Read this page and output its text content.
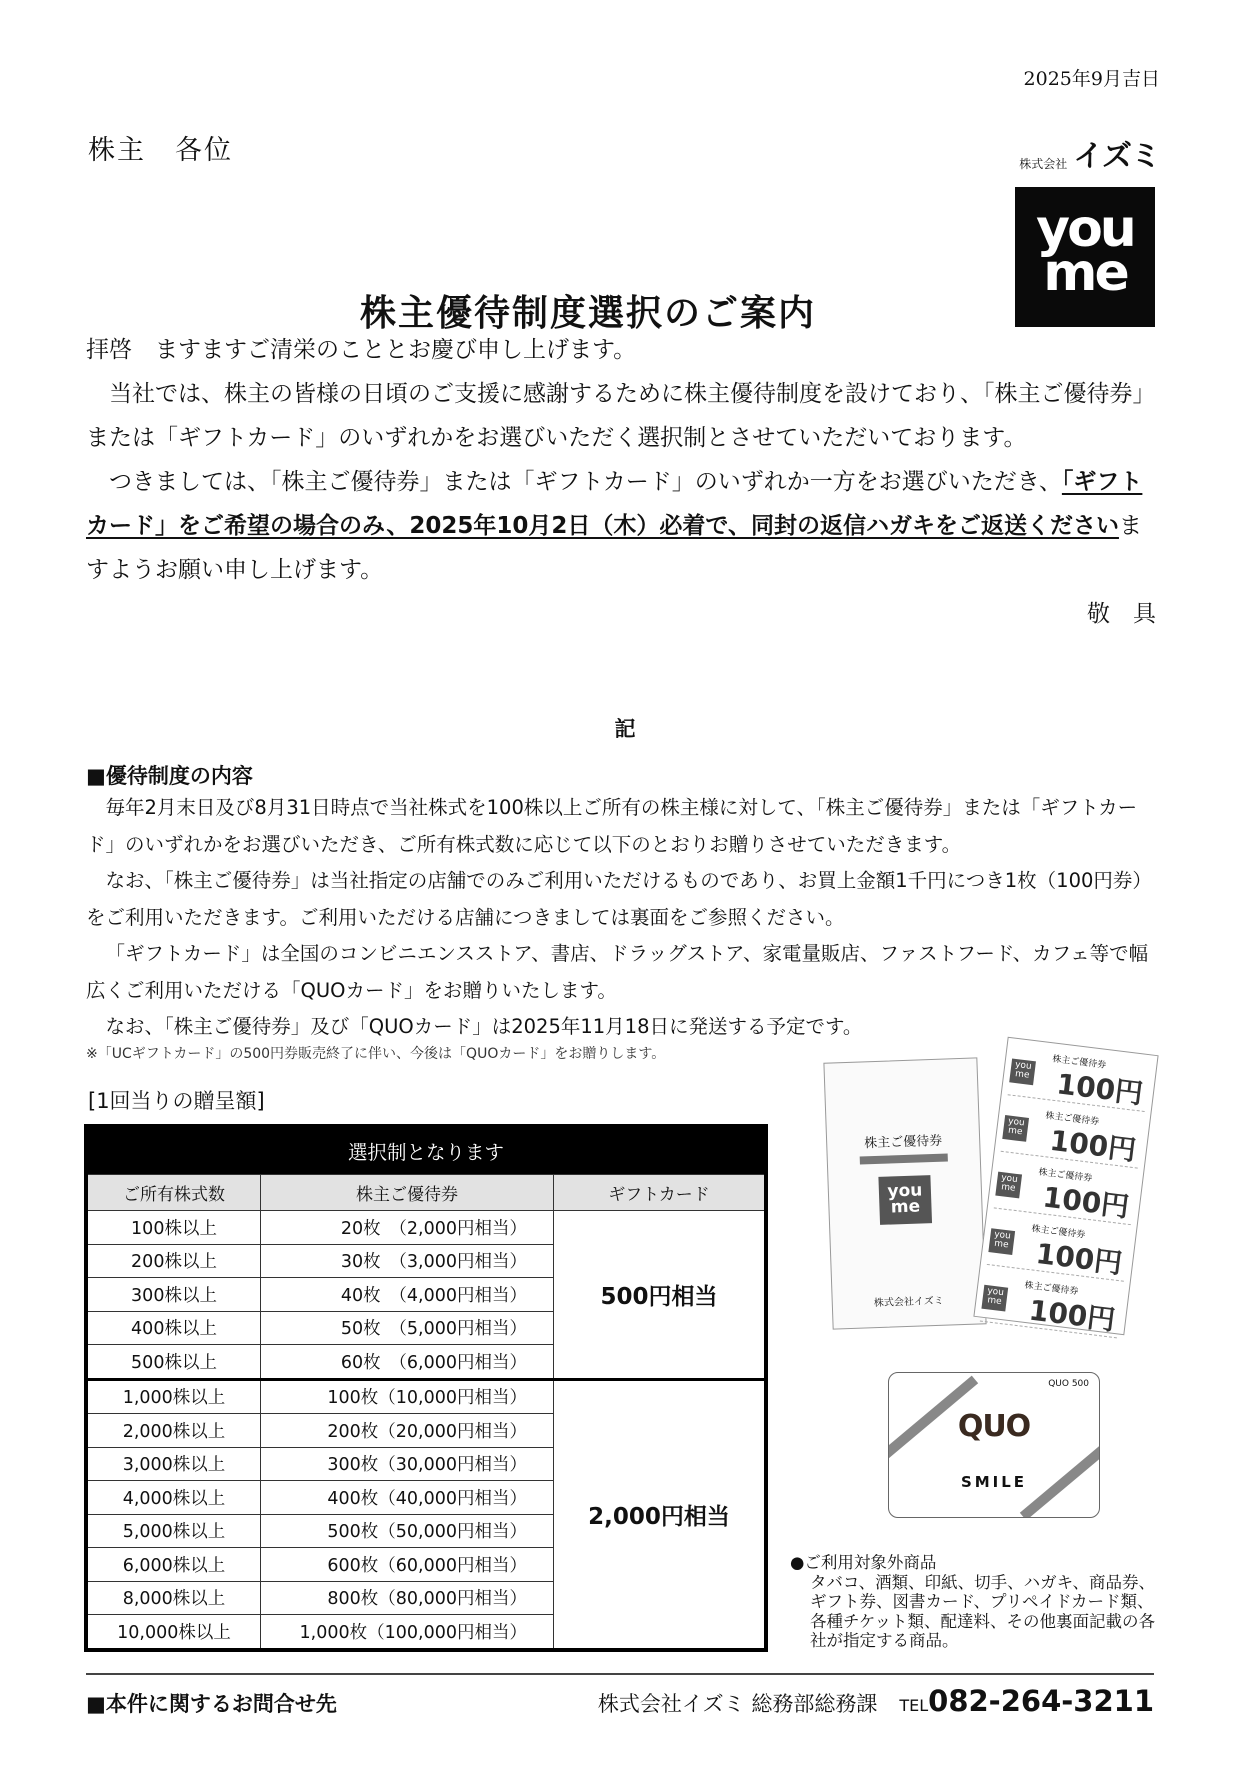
2025年9月吉日
株主　各位	株式会社 イズミ
you
me
株主優待制度選択のご案内

拝啓　ますますご清栄のこととお慶び申し上げます。

当社では、株主の皆様の日頃のご支援に感謝するために株主優待制度を設けており、「株主ご優待券」または「ギフトカード」のいずれかをお選びいただく選択制とさせていただいております。

つきましては、「株主ご優待券」または「ギフトカード」のいずれか一方をお選びいただき、「ギフトカード」をご希望の場合のみ、2025年10月2日（木）必着で、同封の返信ハガキをご返送くださいますようお願い申し上げます。

敬　具

記
■優待制度の内容

毎年2月末日及び8月31日時点で当社株式を100株以上ご所有の株主様に対して、「株主ご優待券」または「ギフトカード」のいずれかをお選びいただき、ご所有株式数に応じて以下のとおりお贈りさせていただきます。

なお、「株主ご優待券」は当社指定の店舗でのみご利用いただけるものであり、お買上金額1千円につき1枚（100円券）をご利用いただきます。ご利用いただける店舗につきましては裏面をご参照ください。

「ギフトカード」は全国のコンビニエンスストア、書店、ドラッグストア、家電量販店、ファストフード、カフェ等で幅広くご利用いただける「QUOカード」をお贈りいたします。

なお、「株主ご優待券」及び「QUOカード」は2025年11月18日に発送する予定です。

※「UCギフトカード」の500円券販売終了に伴い、今後は「QUOカード」をお贈りします。
[1回当りの贈呈額]
選択制となります		
ご所有株式数	株主ご優待券	ギフトカード
100株以上	20枚　（2,000円相当）	500円相当
200株以上	30枚　（3,000円相当）	
300株以上	40枚　（4,000円相当）	
400株以上	50枚　（5,000円相当）	
500株以上	60枚　（6,000円相当）	
1,000株以上	100枚（10,000円相当）	2,000円相当
2,000株以上	200枚（20,000円相当）	
3,000株以上	300枚（30,000円相当）	
4,000株以上	400枚（40,000円相当）	
5,000株以上	500枚（50,000円相当）	
6,000株以上	600枚（60,000円相当）	
8,000株以上	800枚（80,000円相当）	
10,000株以上	1,000枚（100,000円相当）	
株主ご優待券
you
me
株式会社イズミ
you me
株主ご優待券
100円
you me
株主ご優待券
100円
you me
株主ご優待券
100円
you me
株主ご優待券
100円
you me
株主ご優待券
100円
QUO 500
QUO
SMILE
●ご利用対象外商品
タバコ、酒類、印紙、切手、ハガキ、商品券、ギフト券、図書カード、プリペイドカード類、各種チケット類、配達料、その他裏面記載の各社が指定する商品。
■本件に関するお問合せ先	株式会社イズミ 総務部総務課 TEL082-264-3211
